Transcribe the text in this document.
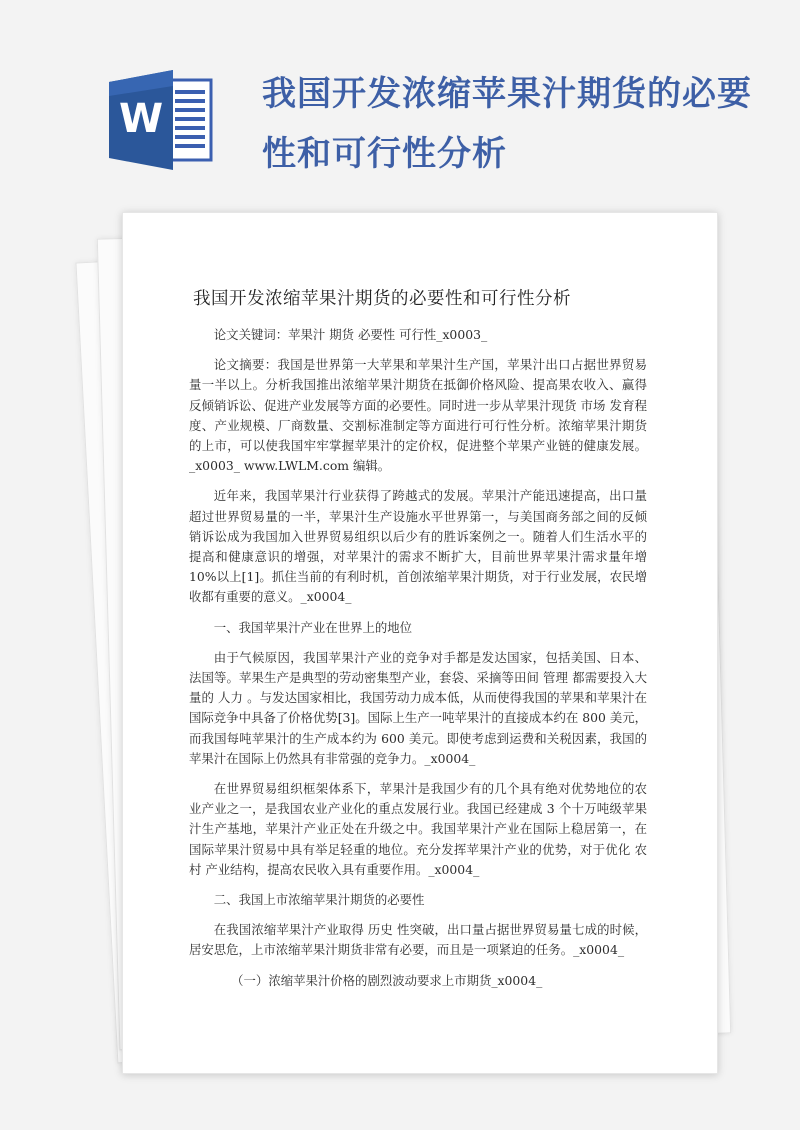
W
我国开发浓缩苹果汁期货的必要性和可行性分析
我国开发浓缩苹果汁期货的必要性和可行性分析

论文关键词：苹果汁 期货 必要性 可行性_x0003_

论文摘要：我国是世界第一大苹果和苹果汁生产国，苹果汁出口占据世界贸易量一半以上。分析我国推出浓缩苹果汁期货在抵御价格风险、提高果农收入、赢得反倾销诉讼、促进产业发展等方面的必要性。同时进一步从苹果汁现货 市场 发育程度、产业规模、厂商数量、交割标准制定等方面进行可行性分析。浓缩苹果汁期货的上市，可以使我国牢牢掌握苹果汁的定价权，促进整个苹果产业链的健康发展。_x0003_ www.LWLM.com 编辑。

近年来，我国苹果汁行业获得了跨越式的发展。苹果汁产能迅速提高，出口量超过世界贸易量的一半，苹果汁生产设施水平世界第一，与美国商务部之间的反倾销诉讼成为我国加入世界贸易组织以后少有的胜诉案例之一。随着人们生活水平的提高和健康意识的增强，对苹果汁的需求不断扩大，目前世界苹果汁需求量年增 10%以上[1]。抓住当前的有利时机，首创浓缩苹果汁期货，对于行业发展，农民增收都有重要的意义。_x0004_

一、我国苹果汁产业在世界上的地位

由于气候原因，我国苹果汁产业的竞争对手都是发达国家，包括美国、日本、法国等。苹果生产是典型的劳动密集型产业，套袋、采摘等田间 管理 都需要投入大量的 人力 。与发达国家相比，我国劳动力成本低，从而使得我国的苹果和苹果汁在国际竞争中具备了价格优势[3]。国际上生产一吨苹果汁的直接成本约在 800 美元，而我国每吨苹果汁的生产成本约为 600 美元。即使考虑到运费和关税因素，我国的苹果汁在国际上仍然具有非常强的竞争力。_x0004_

在世界贸易组织框架体系下，苹果汁是我国少有的几个具有绝对优势地位的农业产业之一，是我国农业产业化的重点发展行业。我国已经建成 3 个十万吨级苹果汁生产基地，苹果汁产业正处在升级之中。我国苹果汁产业在国际上稳居第一，在国际苹果汁贸易中具有举足轻重的地位。充分发挥苹果汁产业的优势，对于优化 农村 产业结构，提高农民收入具有重要作用。_x0004_

二、我国上市浓缩苹果汁期货的必要性

在我国浓缩苹果汁产业取得 历史 性突破，出口量占据世界贸易量七成的时候，居安思危，上市浓缩苹果汁期货非常有必要，而且是一项紧迫的任务。_x0004_

（一）浓缩苹果汁价格的剧烈波动要求上市期货_x0004_
